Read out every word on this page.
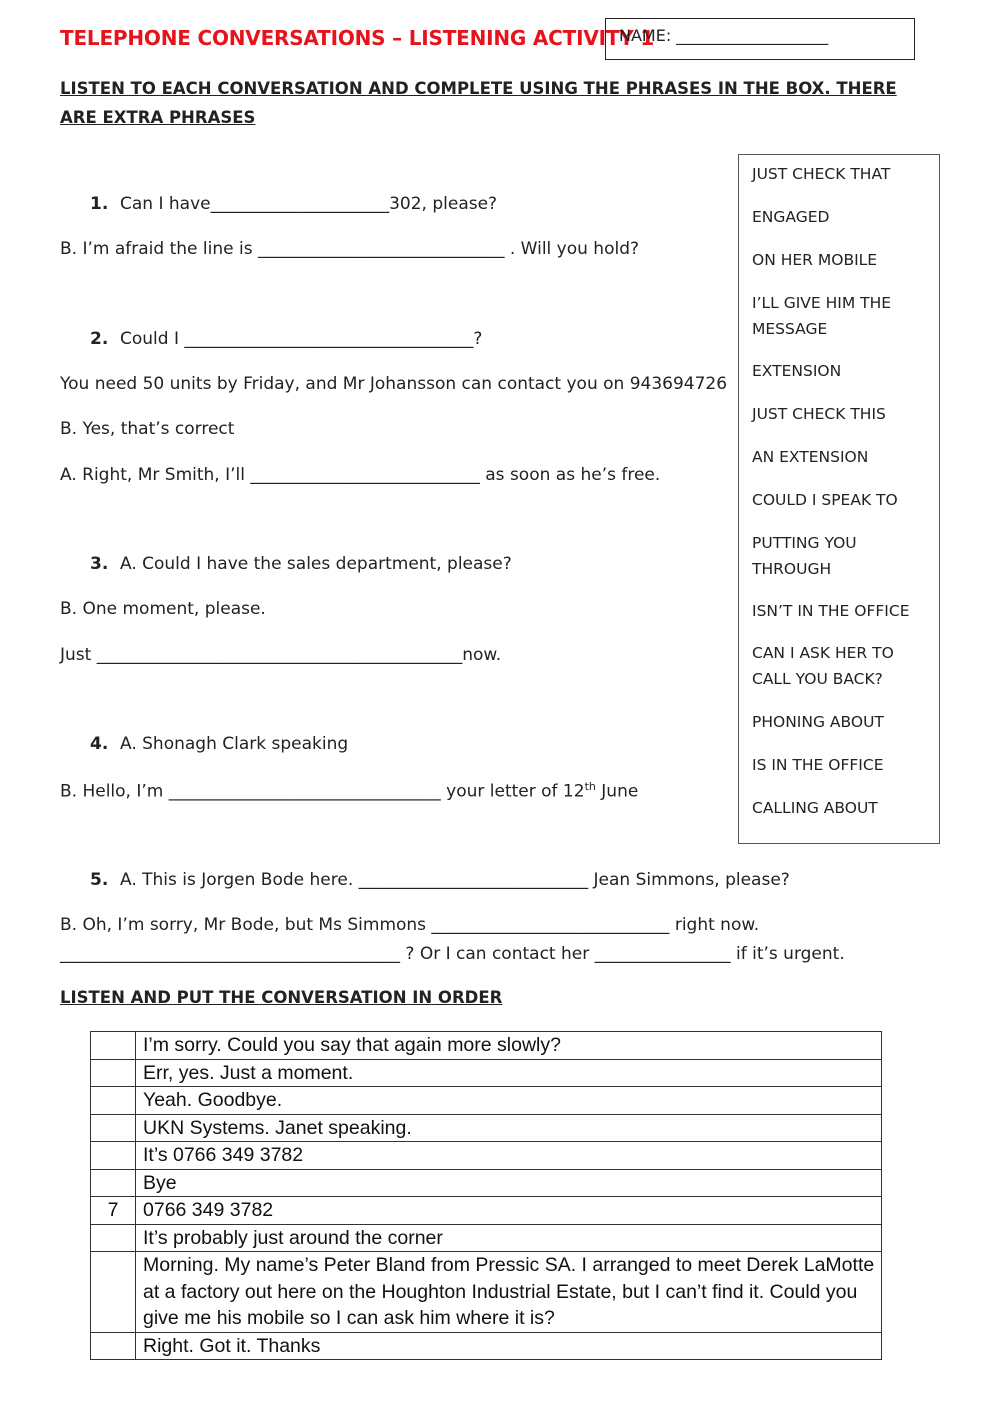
TELEPHONE CONVERSATIONS – LISTENING ACTIVITY 1
NAME: ___________________
LISTEN TO EACH CONVERSATION AND COMPLETE USING THE PHRASES IN THE BOX. THERE ARE EXTRA PHRASES
1. Can I have_____________________302, please?
B. I’m afraid the line is _____________________________ . Will you hold?
2. Could I __________________________________?
You need 50 units by Friday, and Mr Johansson can contact you on 943694726
B. Yes, that’s correct
A. Right, Mr Smith, I’ll ___________________________ as soon as he’s free.
3. A. Could I have the sales department, please?
B. One moment, please.
Just ___________________________________________now.
4. A. Shonagh Clark speaking
B. Hello, I’m ________________________________ your letter of 12th June
5. A. This is Jorgen Bode here. ___________________________ Jean Simmons, please?
B. Oh, I’m sorry, Mr Bode, but Ms Simmons ____________________________ right now.
________________________________________ ? Or I can contact her ________________ if it’s urgent.
JUST CHECK THAT
ENGAGED
ON HER MOBILE
I’LL GIVE HIM THE MESSAGE
EXTENSION
JUST CHECK THIS
AN EXTENSION
COULD I SPEAK TO
PUTTING YOU THROUGH
ISN’T IN THE OFFICE
CAN I ASK HER TO CALL YOU BACK?
PHONING ABOUT
IS IN THE OFFICE
CALLING ABOUT
LISTEN AND PUT THE CONVERSATION IN ORDER
	I’m sorry. Could you say that again more slowly?
	Err, yes. Just a moment.
	Yeah. Goodbye.
	UKN Systems. Janet speaking.
	It’s 0766 349 3782
	Bye
7	0766 349 3782
	It’s probably just around the corner
	Morning. My name’s Peter Bland from Pressic SA. I arranged to meet Derek LaMotte at a factory out here on the Houghton Industrial Estate, but I can’t find it. Could you give me his mobile so I can ask him where it is?
	Right. Got it. Thanks
